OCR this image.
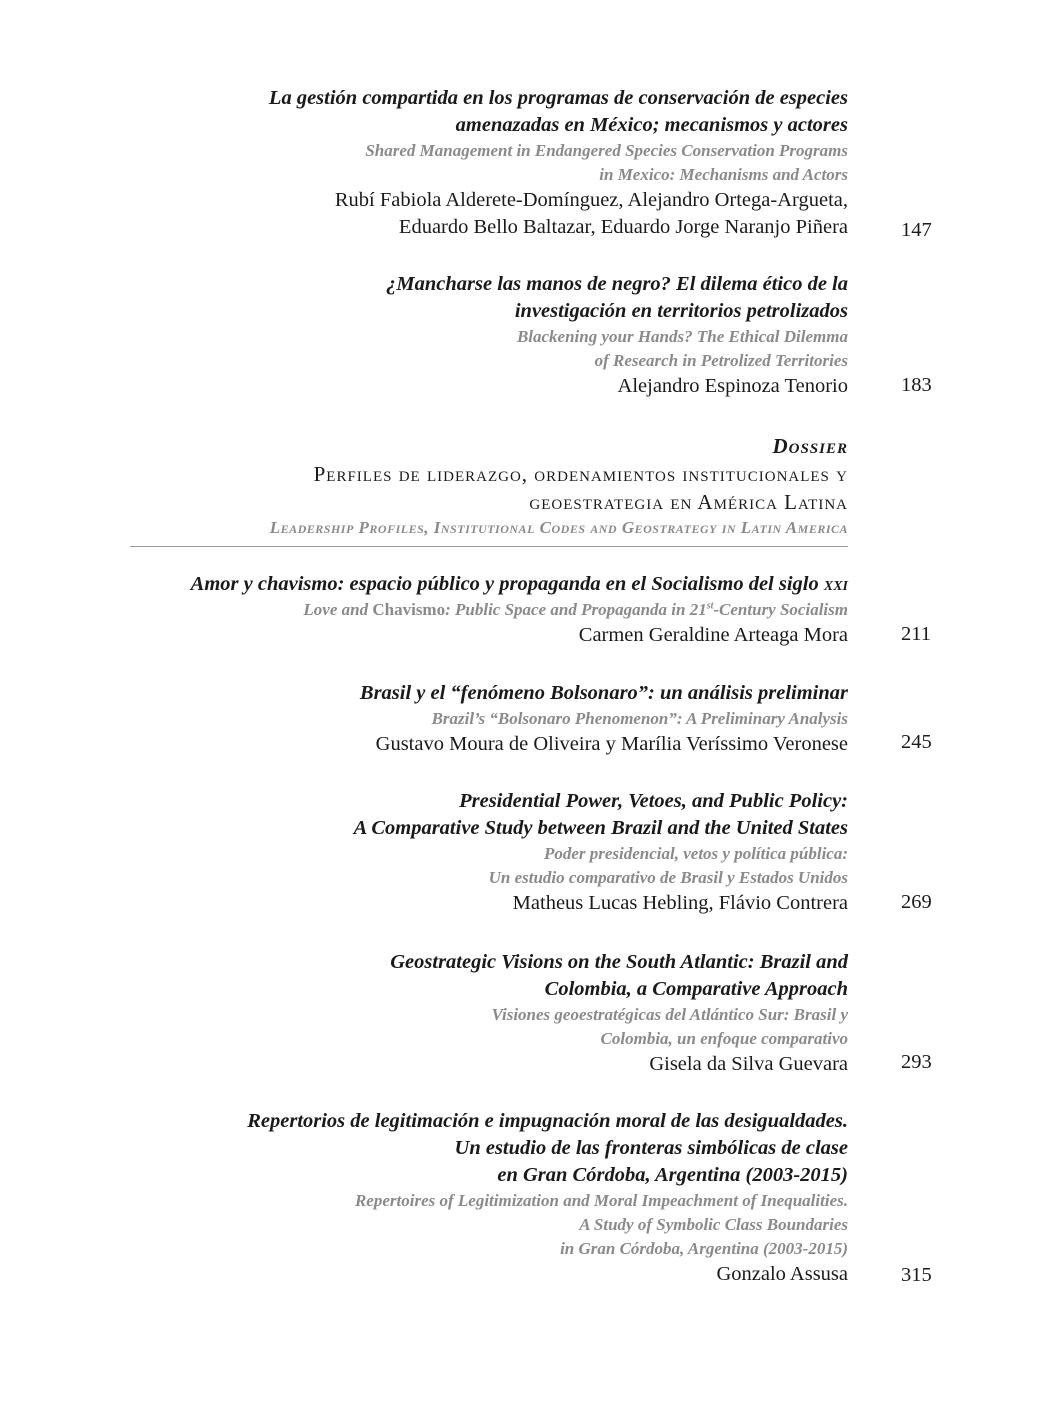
La gestión compartida en los programas de conservación de especies
amenazadas en México; mecanismos y actores
Shared Management in Endangered Species Conservation Programs
in Mexico: Mechanisms and Actors
Rubí Fabiola Alderete-Domínguez, Alejandro Ortega-Argueta,
Eduardo Bello Baltazar, Eduardo Jorge Naranjo Piñera	147
¿Mancharse las manos de negro? El dilema ético de la
investigación en territorios petrolizados
Blackening your Hands? The Ethical Dilemma
of Research in Petrolized Territories
Alejandro Espinoza Tenorio	183
Dossier
Perfiles de liderazgo, ordenamientos institucionales y
geoestrategia en América Latina
Leadership Profiles, Institutional Codes and Geostrategy in Latin America
Amor y chavismo: espacio público y propaganda en el Socialismo del siglo xxi
Love and Chavismo: Public Space and Propaganda in 21st-Century Socialism
Carmen Geraldine Arteaga Mora	211
Brasil y el “fenómeno Bolsonaro”: un análisis preliminar
Brazil’s “Bolsonaro Phenomenon”: A Preliminary Analysis
Gustavo Moura de Oliveira y Marília Veríssimo Veronese	245
Presidential Power, Vetoes, and Public Policy:
A Comparative Study between Brazil and the United States
Poder presidencial, vetos y política pública:
Un estudio comparativo de Brasil y Estados Unidos
Matheus Lucas Hebling, Flávio Contrera	269
Geostrategic Visions on the South Atlantic: Brazil and
Colombia, a Comparative Approach
Visiones geoestratégicas del Atlántico Sur: Brasil y
Colombia, un enfoque comparativo
Gisela da Silva Guevara	293
Repertorios de legitimación e impugnación moral de las desigualdades.
Un estudio de las fronteras simbólicas de clase
en Gran Córdoba, Argentina (2003-2015)
Repertoires of Legitimization and Moral Impeachment of Inequalities.
A Study of Symbolic Class Boundaries
in Gran Córdoba, Argentina (2003-2015)
Gonzalo Assusa	315
